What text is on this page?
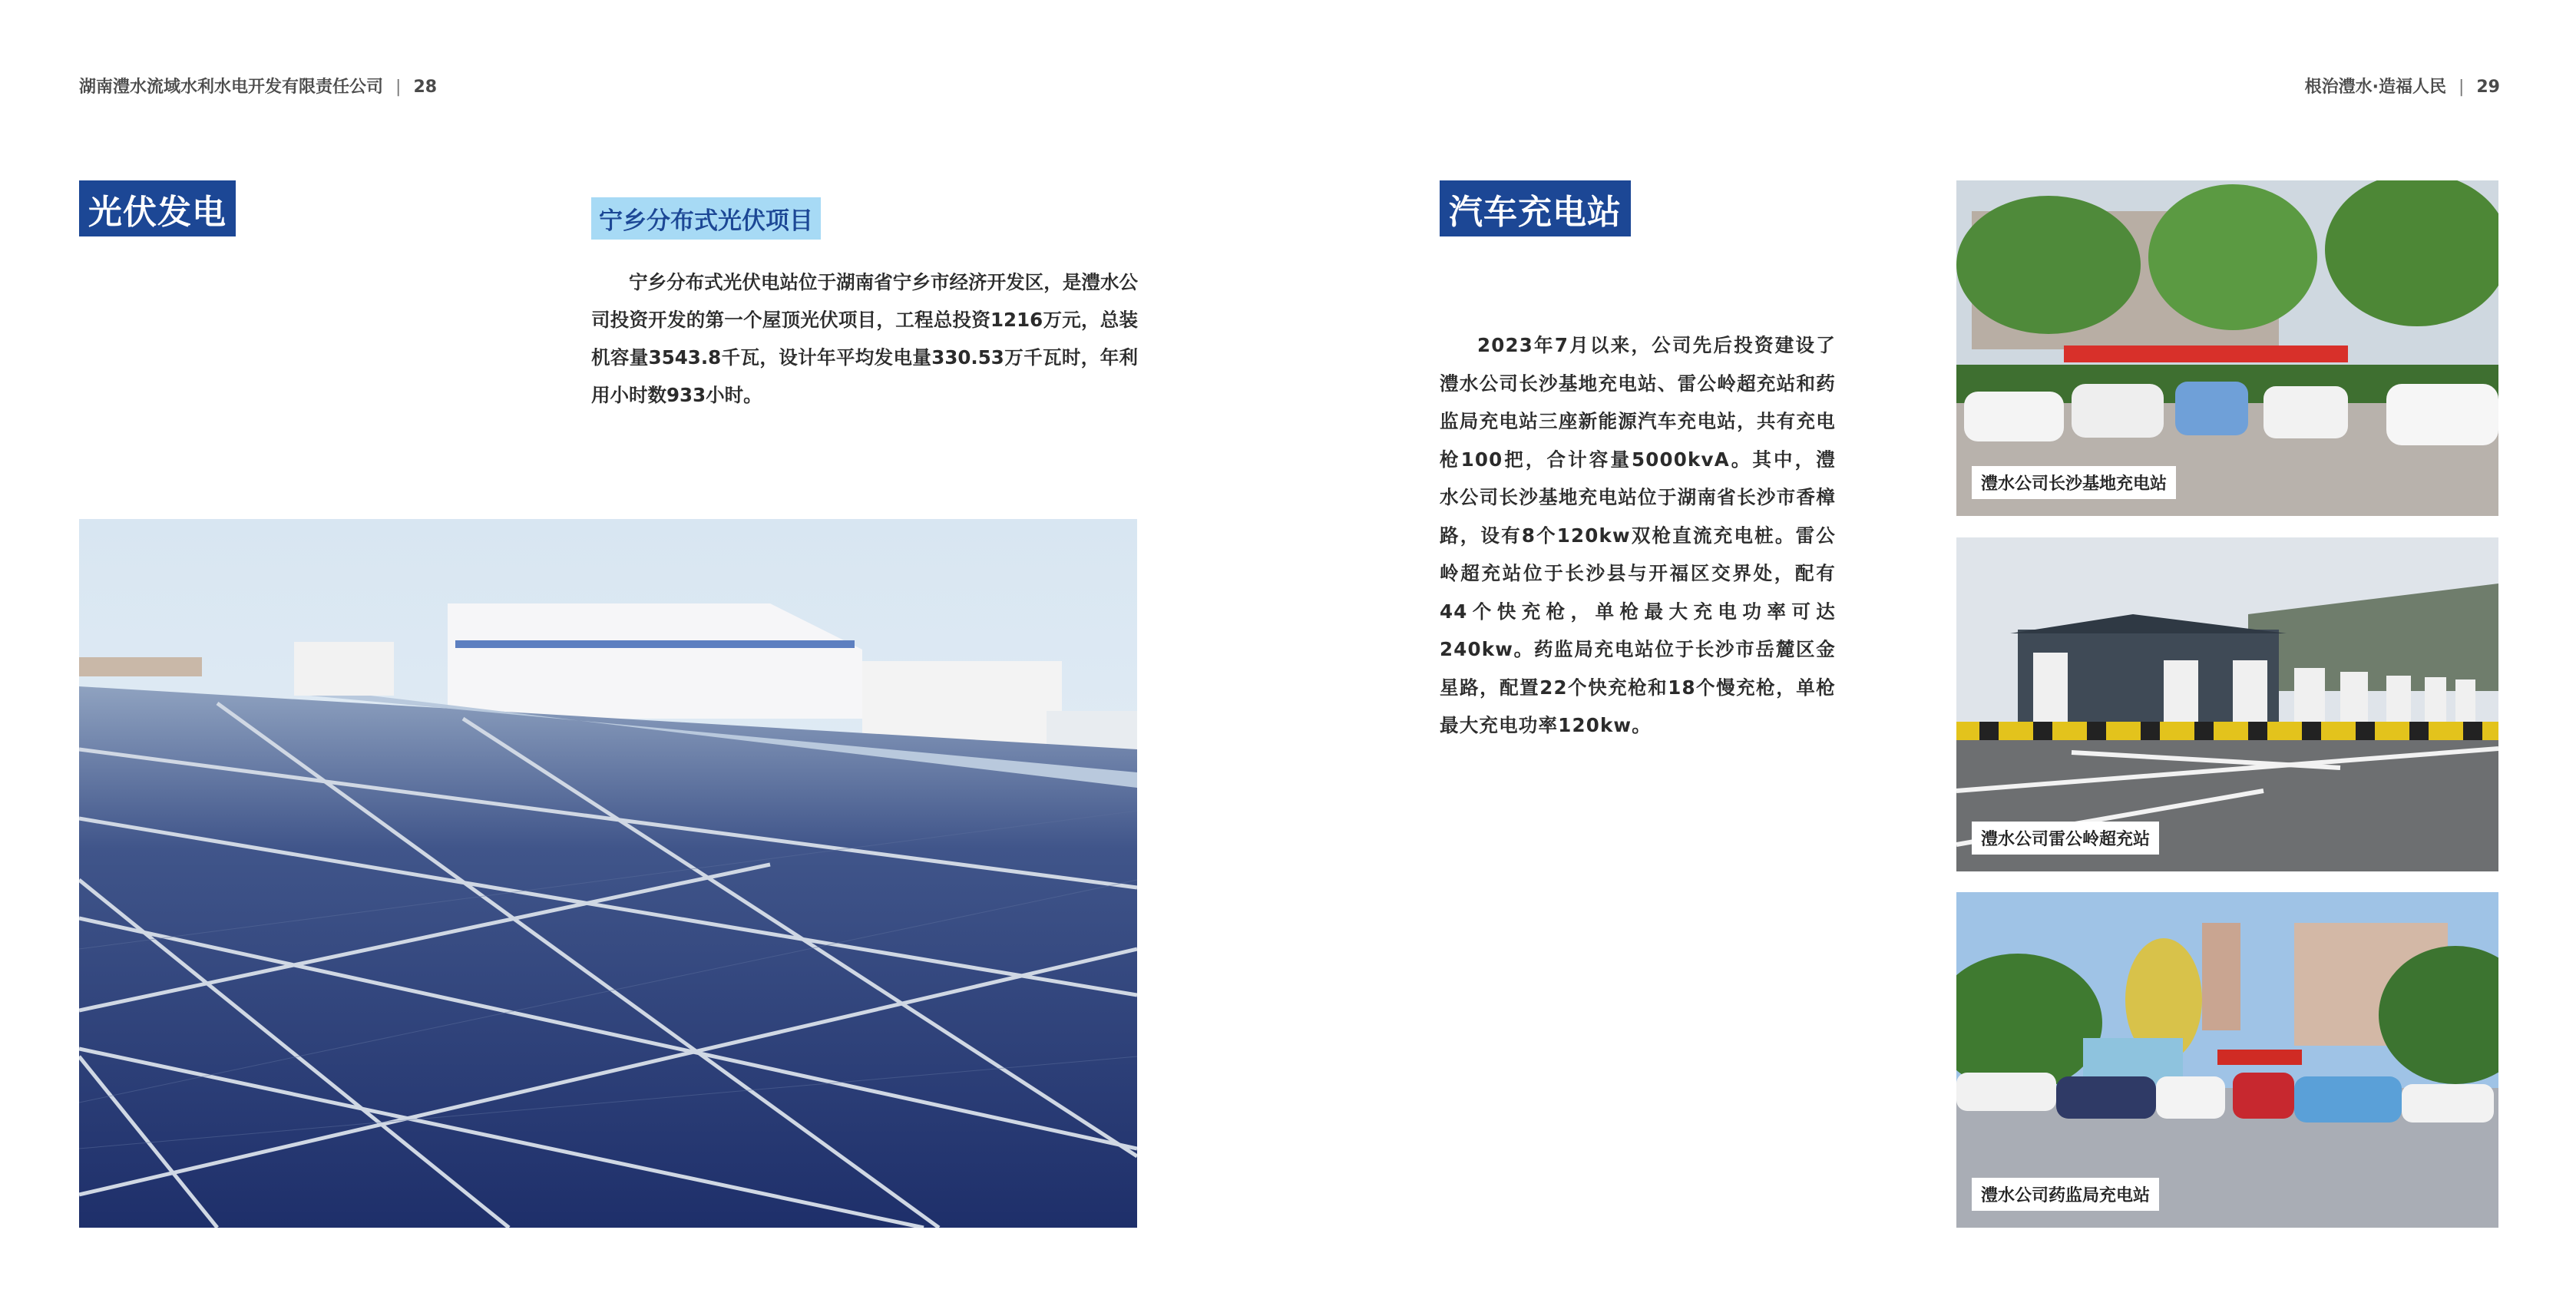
湖南澧水流域水利水电开发有限责任公司 | 28	根治澧水·造福人民 | 29
光伏发电	宁乡分布式光伏项目

宁乡分布式光伏电站位于湖南省宁乡市经济开发区，是澧水公司投资开发的第一个屋顶光伏项目，工程总投资1216万元，总装机容量3543.8千瓦，设计年平均发电量330.53万千瓦时，年利用小时数933小时。

汽车充电站

2023年7月以来，公司先后投资建设了澧水公司长沙基地充电站、雷公岭超充站和药监局充电站三座新能源汽车充电站，共有充电枪100把，合计容量5000kvA。其中，澧水公司长沙基地充电站位于湖南省长沙市香樟路，设有8个120kw双枪直流充电桩。雷公岭超充站位于长沙县与开福区交界处，配有44个快充枪，单枪最大充电功率可达240kw。药监局充电站位于长沙市岳麓区金星路，配置22个快充枪和18个慢充枪，单枪最大充电功率120kw。

澧水公司长沙基地充电站
澧水公司雷公岭超充站
澧水公司药监局充电站
